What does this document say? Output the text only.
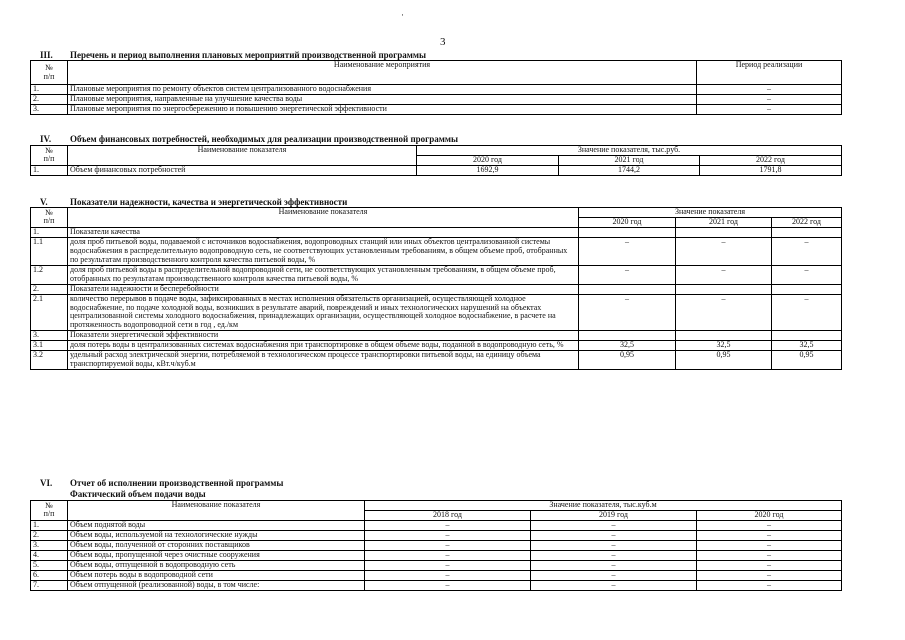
·
3
III. Перечень и период выполнения плановых мероприятий производственной программы
№
п/п	Наименование мероприятия	Период реализации
1.	Плановые мероприятия по ремонту объектов систем централизованного водоснабжения	–
2.	Плановые мероприятия, направленные на улучшение качества воды	–
3.	Плановые мероприятия по энергосбережению и повышению энергетической эффективности	–
IV. Объем финансовых потребностей, необходимых для реализации производственной программы
№
п/п	Наименование показателя	Значение показателя, тыс.руб.		
		2020 год	2021 год	2022 год
1.	Объем финансовых потребностей	1692,9	1744,2	1791,8
V. Показатели надежности, качества и энергетической эффективности
№
п/п	Наименование показателя	Значение показателя		
		2020 год	2021 год	2022 год
1.	Показатели качества			
1.1	доля проб питьевой воды, подаваемой с источников водоснабжения, водопроводных станций или иных объектов централизованной системы водоснабжения в распределительную водопроводную сеть, не соответствующих установленным требованиям, в общем объеме проб, отобранных по результатам производственного контроля качества питьевой воды, %	–	–	–
1.2	доля проб питьевой воды в распределительной водопроводной сети, не соответствующих установленным требованиям, в общем объеме проб, отобранных по результатам производственного контроля качества питьевой воды, %	–	–	–
2.	Показатели надежности и бесперебойности			
2.1	количество перерывов в подаче воды, зафиксированных в местах исполнения обязательств организацией, осуществляющей холодное водоснабжение, по подаче холодной воды, возникших в результате аварий, повреждений и иных технологических нарушений на объектах централизованной системы холодного водоснабжения, принадлежащих организации, осуществляющей холодное водоснабжение, в расчете на протяженность водопроводной сети в год , ед./км	–	–	–
3.	Показатели энергетической эффективности			
3.1	доля потерь воды в централизованных системах водоснабжения при транспортировке в общем объеме воды, поданной в водопроводную сеть, %	32,5	32,5	32,5
3.2	удельный расход электрической энергии, потребляемой в технологическом процессе транспортировки питьевой воды, на единицу объема транспортируемой воды, кВт.ч/куб.м	0,95	0,95	0,95
VI. Отчет об исполнении производственной программы
Фактический объем подачи воды
№
п/п	Наименование показателя	Значение показателя, тыс.куб.м		
		2018 год	2019 год	2020 год
1.	Объем поднятой воды	–	–	–
2.	Объем воды, используемой на технологические нужды	–	–	–
3.	Объем воды, полученной от сторонних поставщиков	–	–	–
4.	Объем воды, пропущенной через очистные сооружения	–	–	–
5.	Объем воды, отпущенной в водопроводную сеть	–	–	–
6.	Объем потерь воды в водопроводной сети	–	–	–
7.	Объем отпущенной (реализованной) воды, в том числе:	–	–	–
